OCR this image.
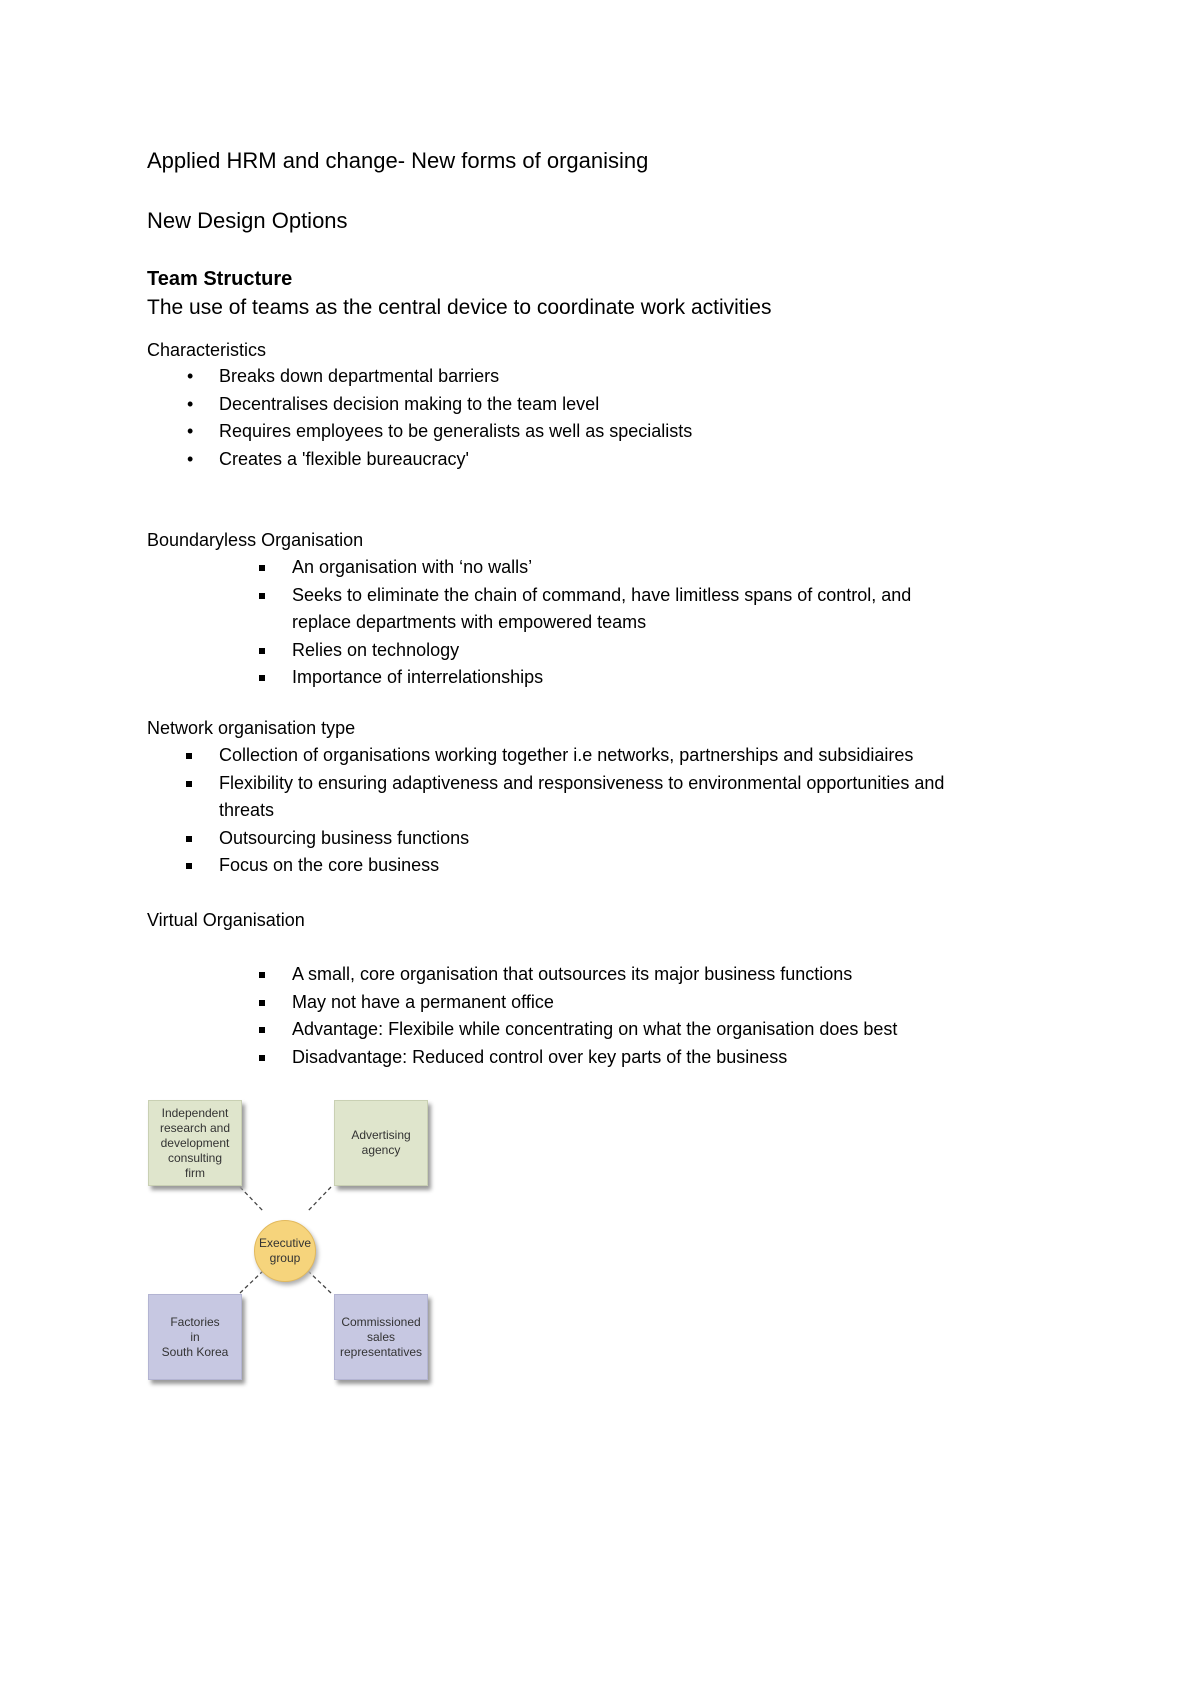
Applied HRM and change- New forms of organising
New Design Options
Team Structure
The use of teams as the central device to coordinate work activities
Characteristics
• Breaks down departmental barriers
• Decentralises decision making to the team level
• Requires employees to be generalists as well as specialists
• Creates a 'flexible bureaucracy'
Boundaryless Organisation
An organisation with ‘no walls’
Seeks to eliminate the chain of command, have limitless spans of control, and
replace departments with empowered teams
Relies on technology
Importance of interrelationships
Network organisation type
Collection of organisations working together i.e networks, partnerships and subsidiaires
Flexibility to ensuring adaptiveness and responsiveness to environmental opportunities and
threats
Outsourcing business functions
Focus on the core business
Virtual Organisation
A small, core organisation that outsources its major business functions
May not have a permanent office
Advantage: Flexibile while concentrating on what the organisation does best
Disadvantage: Reduced control over key parts of the business
Independent
research and
development
consulting
firm
Advertising
agency
Executive
group
Factories
in
South Korea
Commissioned
sales
representatives
